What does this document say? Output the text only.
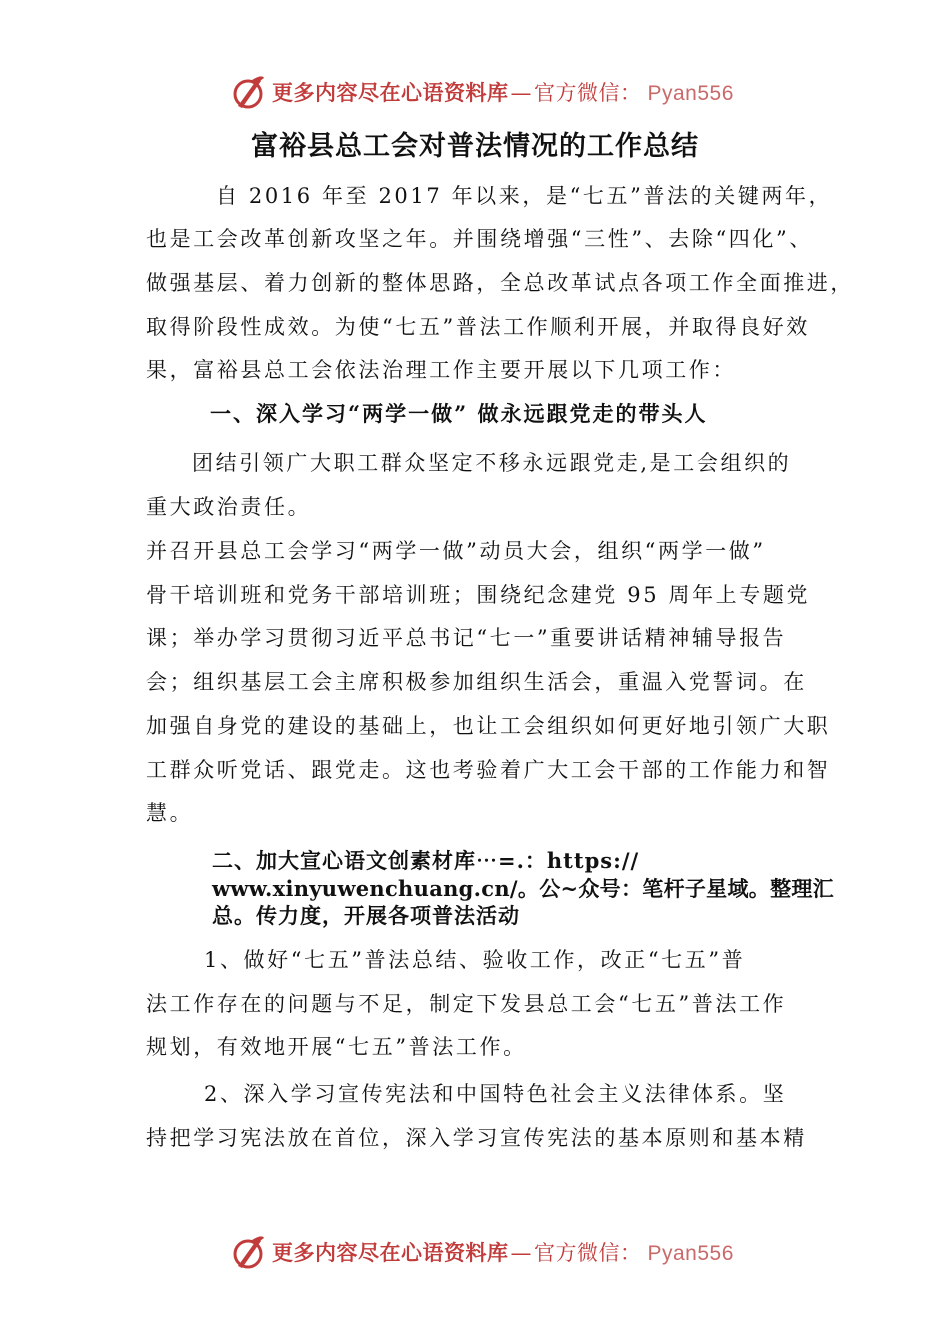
更多内容尽在心语资料库—官方微信： Pyan556
富裕县总工会对普法情况的工作总结
自 2016 年至 2017 年以来，是“七五”普法的关键两年，
也是工会改革创新攻坚之年。并围绕增强“三性”、去除“四化”、
做强基层、着力创新的整体思路，全总改革试点各项工作全面推进，
取得阶段性成效。为使“七五”普法工作顺利开展，并取得良好效
果，富裕县总工会依法治理工作主要开展以下几项工作：
一、深入学习“两学一做” 做永远跟党走的带头人
团结引领广大职工群众坚定不移永远跟党走,是工会组织的
重大政治责任。
并召开县总工会学习“两学一做”动员大会，组织“两学一做”
骨干培训班和党务干部培训班；围绕纪念建党 95 周年上专题党
课；举办学习贯彻习近平总书记“七一”重要讲话精神辅导报告
会；组织基层工会主席积极参加组织生活会，重温入党誓词。在
加强自身党的建设的基础上，也让工会组织如何更好地引领广大职
工群众听党话、跟党走。这也考验着广大工会干部的工作能力和智
慧。
二、加大宣心语文创素材库⋯=.：https://
www.xinyuwenchuang.cn/。公~众号：笔杆子星域。整理汇
总。传力度，开展各项普法活动
1、做好“七五”普法总结、验收工作，改正“七五”普
法工作存在的问题与不足，制定下发县总工会“七五”普法工作
规划，有效地开展“七五”普法工作。
2、深入学习宣传宪法和中国特色社会主义法律体系。坚
持把学习宪法放在首位，深入学习宣传宪法的基本原则和基本精
更多内容尽在心语资料库—官方微信： Pyan556
